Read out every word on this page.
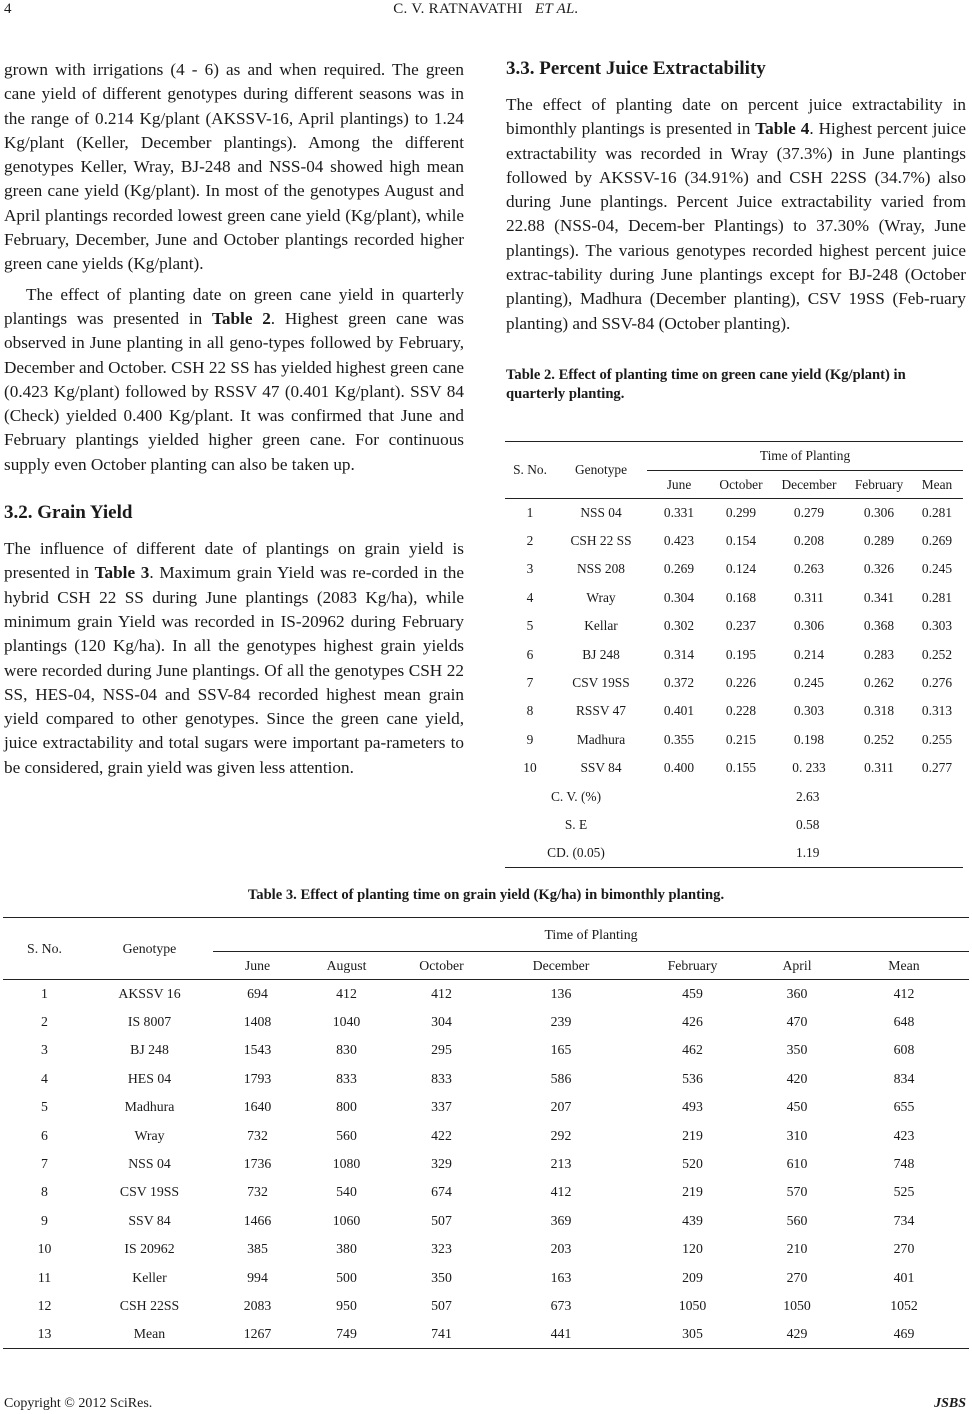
4	C. V. RATNAVATHI ET AL.

grown with irrigations (4 - 6) as and when required. The green cane yield of different genotypes during different seasons was in the range of 0.214 Kg/plant (AKSSV-16, April plantings) to 1.24 Kg/plant (Keller, December plantings). Among the different genotypes Keller, Wray, BJ-248 and NSS-04 showed high mean green cane yield (Kg/plant). In most of the genotypes August and April plantings recorded lowest green cane yield (Kg/plant), while February, December, June and October plantings recorded higher green cane yields (Kg/plant).

The effect of planting date on green cane yield in quarterly plantings was presented in Table 2. Highest green cane was observed in June planting in all geno-types followed by February, December and October. CSH 22 SS has yielded highest green cane (0.423 Kg/plant) followed by RSSV 47 (0.401 Kg/plant). SSV 84 (Check) yielded 0.400 Kg/plant. It was confirmed that June and February plantings yielded higher green cane. For continuous supply even October planting can also be taken up.

3.2. Grain Yield

The influence of different date of plantings on grain yield is presented in Table 3. Maximum grain Yield was re-corded in the hybrid CSH 22 SS during June plantings (2083 Kg/ha), while minimum grain Yield was recorded in IS-20962 during February plantings (120 Kg/ha). In all the genotypes highest grain yields were recorded during June plantings. Of all the genotypes CSH 22 SS, HES-04, NSS-04 and SSV-84 recorded highest mean grain yield compared to other genotypes. Since the green cane yield, juice extractability and total sugars were important pa-rameters to be considered, grain yield was given less attention.

3.3. Percent Juice Extractability

The effect of planting date on percent juice extractability in bimonthly plantings is presented in Table 4. Highest percent juice extractability was recorded in Wray (37.3%) in June plantings followed by AKSSV-16 (34.91%) and CSH 22SS (34.7%) also during June plantings. Percent Juice extractability varied from 22.88 (NSS-04, Decem-ber Plantings) to 37.30% (Wray, June plantings). The various genotypes recorded highest percent juice extrac-tability during June plantings except for BJ-248 (October planting), Madhura (December planting), CSV 19SS (Feb-ruary planting) and SSV-84 (October planting).

Table 2. Effect of planting time on green cane yield (Kg/plant) in quarterly planting.

S. No.	Genotype	Time of Planting				
		June	October	December	February	Mean
1	NSS 04	0.331	0.299	0.279	0.306	0.281
2	CSH 22 SS	0.423	0.154	0.208	0.289	0.269
3	NSS 208	0.269	0.124	0.263	0.326	0.245
4	Wray	0.304	0.168	0.311	0.341	0.281
5	Kellar	0.302	0.237	0.306	0.368	0.303
6	BJ 248	0.314	0.195	0.214	0.283	0.252
7	CSV 19SS	0.372	0.226	0.245	0.262	0.276
8	RSSV 47	0.401	0.228	0.303	0.318	0.313
9	Madhura	0.355	0.215	0.198	0.252	0.255
10	SSV 84	0.400	0.155	0. 233	0.311	0.277
C. V. (%)		2.63				
S. E		0.58				
CD. (0.05)		1.19				
Table 3. Effect of planting time on grain yield (Kg/ha) in bimonthly planting.
S. No.	Genotype	Time of Planting						
		June	August	October	December	February	April	Mean
1	AKSSV 16	694	412	412	136	459	360	412
2	IS 8007	1408	1040	304	239	426	470	648
3	BJ 248	1543	830	295	165	462	350	608
4	HES 04	1793	833	833	586	536	420	834
5	Madhura	1640	800	337	207	493	450	655
6	Wray	732	560	422	292	219	310	423
7	NSS 04	1736	1080	329	213	520	610	748
8	CSV 19SS	732	540	674	412	219	570	525
9	SSV 84	1466	1060	507	369	439	560	734
10	IS 20962	385	380	323	203	120	210	270
11	Keller	994	500	350	163	209	270	401
12	CSH 22SS	2083	950	507	673	1050	1050	1052
13	Mean	1267	749	741	441	305	429	469
Copyright © 2012 SciRes.	JSBS
